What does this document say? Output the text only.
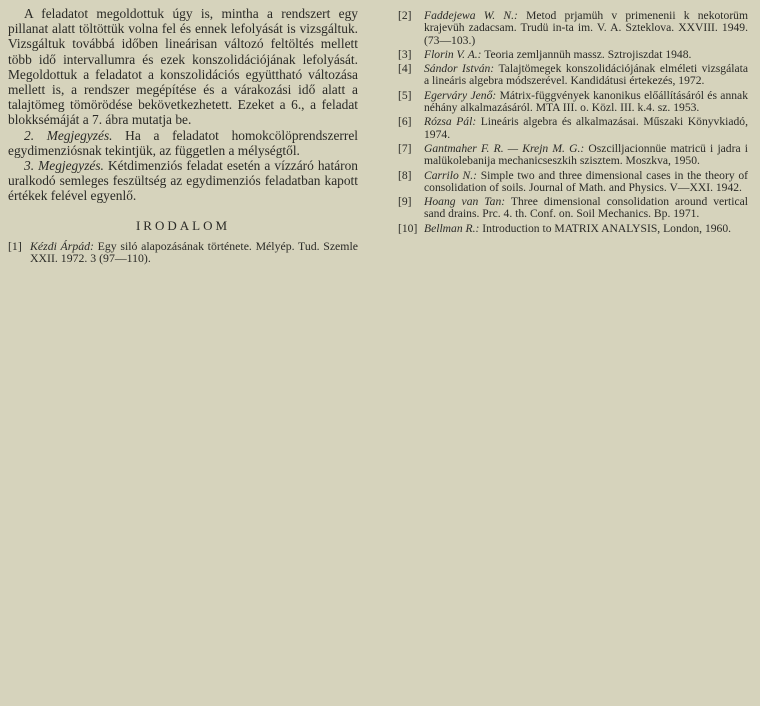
A feladatot megoldottuk úgy is, mintha a rendszert egy pillanat alatt töltöttük volna fel és ennek lefolyását is vizsgáltuk. Vizsgáltuk továbbá időben lineárisan változó feltöltés mellett több idő intervallumra és ezek konszolidációjának lefolyását. Megoldottuk a feladatot a konszolidációs együttható változása mellett is, a rendszer megépítése és a várakozási idő alatt a talajtömeg tömörödése bekövetkezhetett. Ezeket a 6., a feladat blokksémáját a 7. ábra mutatja be.

2. Megjegyzés. Ha a feladatot homokcölöprendszerrel egydimenziósnak tekintjük, az független a mélységtől.

3. Megjegyzés. Kétdimenziós feladat esetén a vízzáró határon uralkodó semleges feszültség az egydimenziós feladatban kapott értékek felével egyenlő.

IRODALOM
[1] Kézdi Árpád: Egy siló alapozásának története. Mélyép. Tud. Szemle XXII. 1972. 3 (97—110).
[2]	Faddejewa W. N.: Metod prjamüh v primenenii k nekotorüm krajevüh zadacsam. Trudü in-ta im. V. A. Szteklova. XXVIII. 1949. (73—103.)
[3]	Florin V. A.: Teoria zemljannüh massz. Sztrojiszdat 1948.
[4]	Sándor István: Talajtömegek konszolidációjának elméleti vizsgálata a lineáris algebra módszerével. Kandidátusi értekezés, 1972.
[5]	Egerváry Jenő: Mátrix-függvények kanonikus előállításáról és annak néhány alkalmazásáról. MTA III. o. Közl. III. k.4. sz. 1953.
[6]	Rózsa Pál: Lineáris algebra és alkalmazásai. Műszaki Könyvkiadó, 1974.
[7]	Gantmaher F. R. — Krejn M. G.: Oszcilljacionnüe matricü i jadra i malükolebanija mechanicseszkih szisztem. Moszkva, 1950.
[8]	Carrilo N.: Simple two and three dimensional cases in the theory of consolidation of soils. Journal of Math. and Physics. V—XXI. 1942.
[9]	Hoang van Tan: Three dimensional consolidation around vertical sand drains. Prc. 4. th. Conf. on. Soil Mechanics. Bp. 1971.
[10] Bellman R.: Introduction to MATRIX ANALYSIS, London, 1960.
